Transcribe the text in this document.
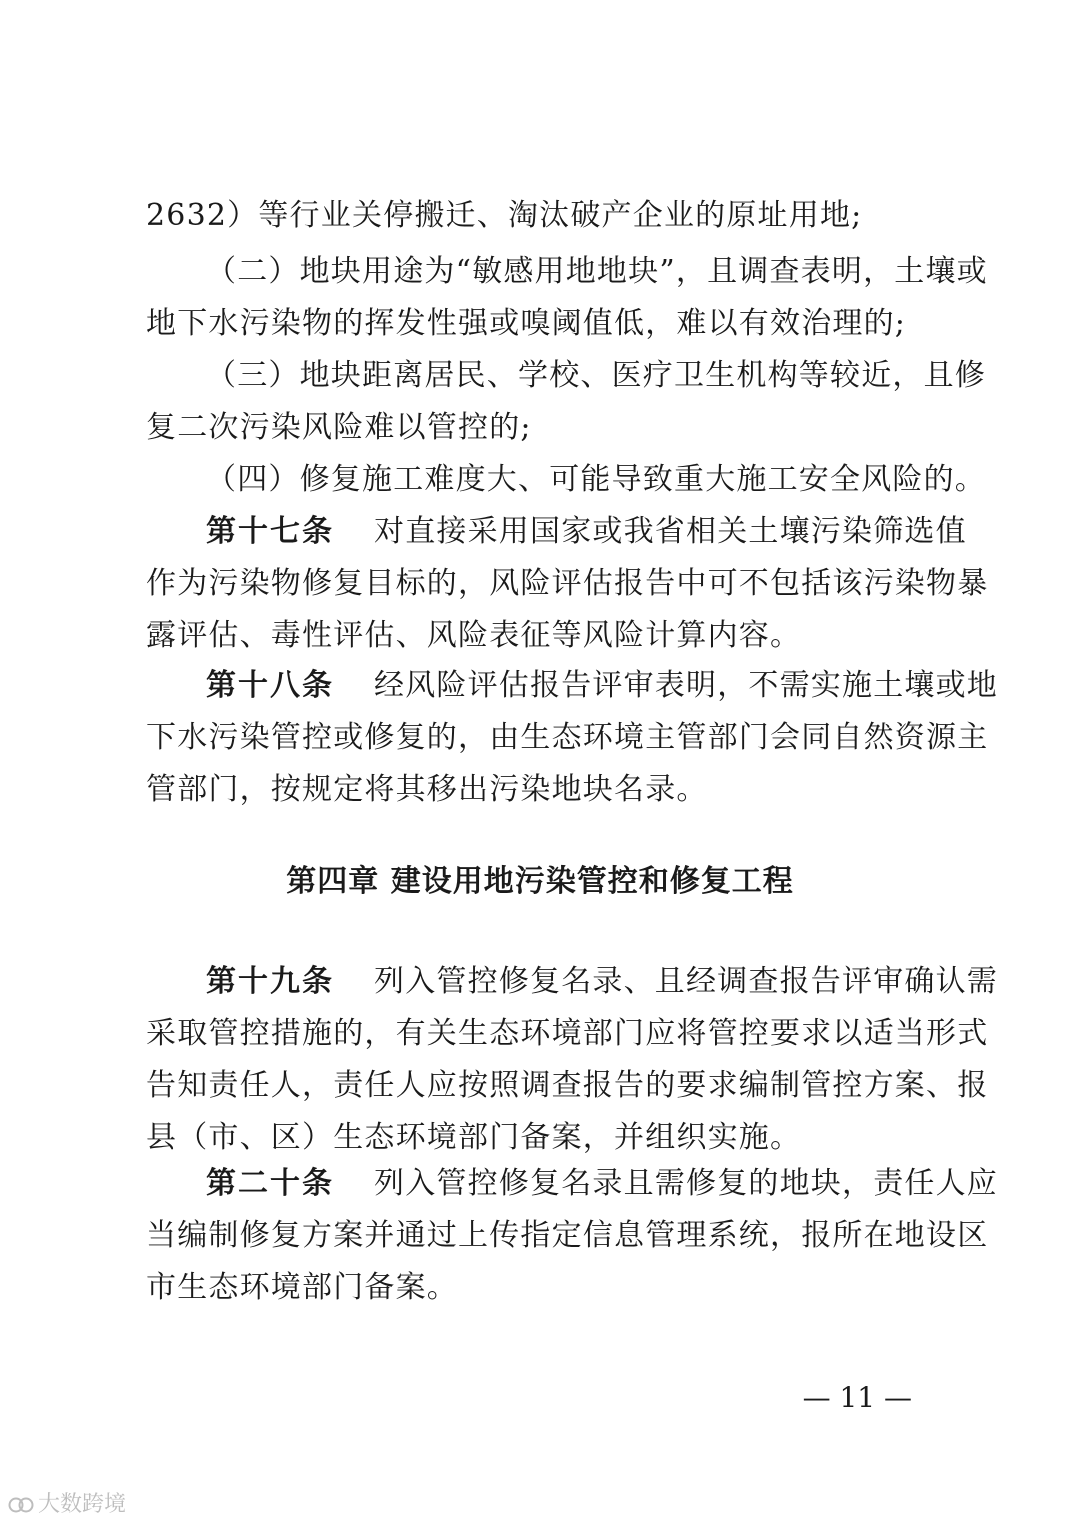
2632）等行业关停搬迁、淘汰破产企业的原址用地;
（二）地块用途为“敏感用地地块”，且调查表明，土壤或
地下水污染物的挥发性强或嗅阈值低，难以有效治理的;
（三）地块距离居民、学校、医疗卫生机构等较近，且修
复二次污染风险难以管控的;
（四）修复施工难度大、可能导致重大施工安全风险的。
第十七条 对直接采用国家或我省相关土壤污染筛选值
作为污染物修复目标的，风险评估报告中可不包括该污染物暴
露评估、毒性评估、风险表征等风险计算内容。
第十八条 经风险评估报告评审表明，不需实施土壤或地
下水污染管控或修复的，由生态环境主管部门会同自然资源主
管部门，按规定将其移出污染地块名录。
第四章 建设用地污染管控和修复工程
第十九条 列入管控修复名录、且经调查报告评审确认需
采取管控措施的，有关生态环境部门应将管控要求以适当形式
告知责任人，责任人应按照调查报告的要求编制管控方案、报
县（市、区）生态环境部门备案，并组织实施。
第二十条 列入管控修复名录且需修复的地块，责任人应
当编制修复方案并通过上传指定信息管理系统，报所在地设区
市生态环境部门备案。
— 11 —
大数跨境
